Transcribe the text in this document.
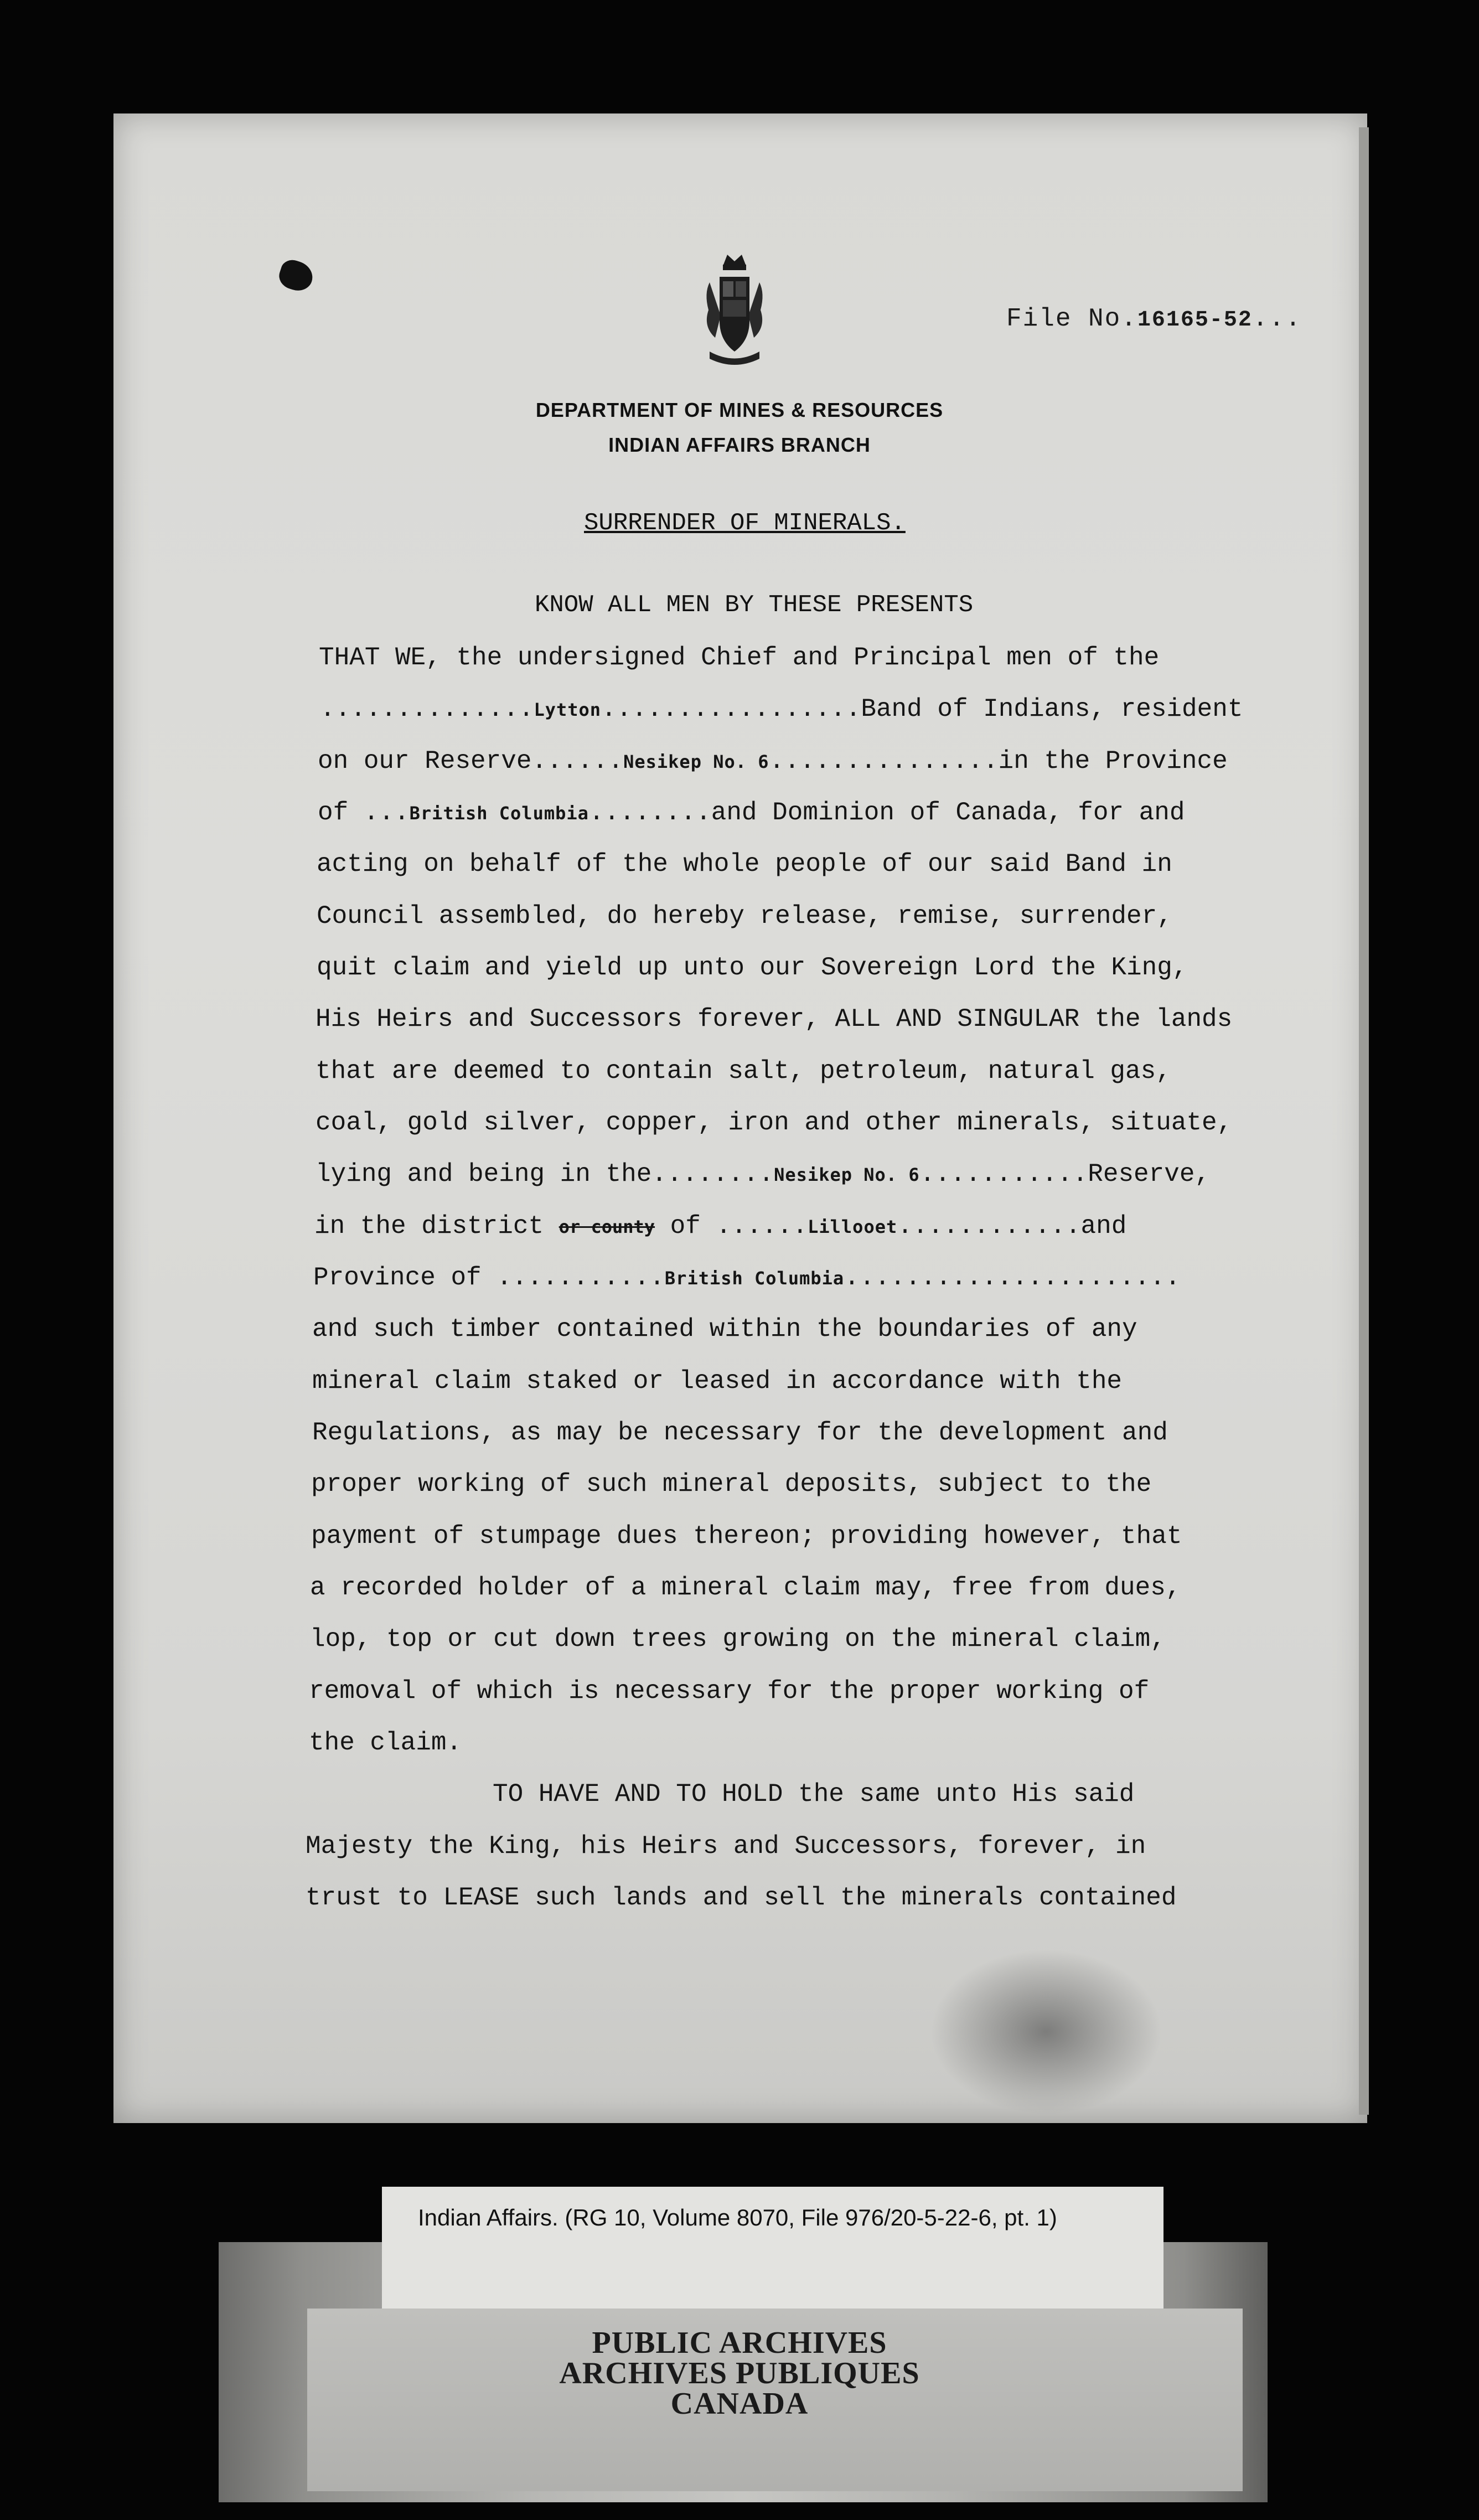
File No.16165-52...
DEPARTMENT OF MINES & RESOURCES
INDIAN AFFAIRS BRANCH
SURRENDER OF MINERALS.
KNOW ALL MEN BY THESE PRESENTS
THAT WE, the undersigned Chief and Principal men of the
..............Lytton.................Band of Indians, resident
on our Reserve......Nesikep No. 6...............in the Province
of ...British Columbia........and Dominion of Canada, for and
acting on behalf of the whole people of our said Band in
Council assembled, do hereby release, remise, surrender,
quit claim and yield up unto our Sovereign Lord the King,
His Heirs and Successors forever, ALL AND SINGULAR the lands
that are deemed to contain salt, petroleum, natural gas,
coal, gold silver, copper, iron and other minerals, situate,
lying and being in the........Nesikep No. 6...........Reserve,
in the district or county of ......Lillooet............and
Province of ...........British Columbia......................
and such timber contained within the boundaries of any
mineral claim staked or leased in accordance with the
Regulations, as may be necessary for the development and
proper working of such mineral deposits, subject to the
payment of stumpage dues thereon; providing however, that
a recorded holder of a mineral claim may, free from dues,
lop, top or cut down trees growing on the mineral claim,
removal of which is necessary for the proper working of
the claim.
TO HAVE AND TO HOLD the same unto His said
Majesty the King, his Heirs and Successors, forever, in
trust to LEASE such lands and sell the minerals contained
Indian Affairs. (RG 10, Volume 8070, File 976/20-5-22-6, pt. 1)
PUBLIC ARCHIVES
ARCHIVES PUBLIQUES
CANADA
